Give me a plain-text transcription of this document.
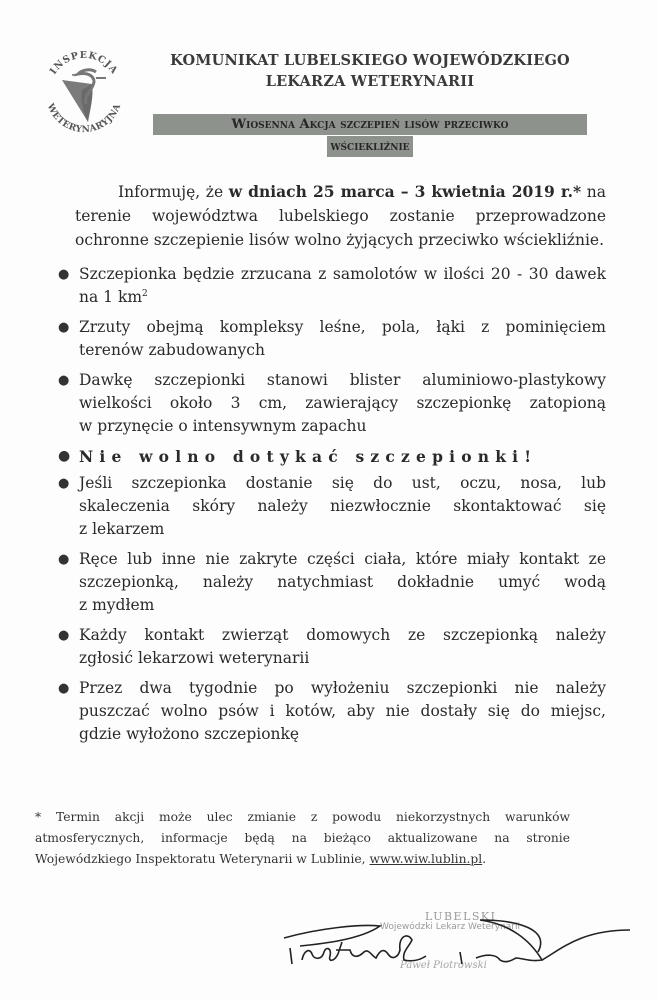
INSPEKCJA
WETERYNARYJNA
KOMUNIKAT LUBELSKIEGO WOJEWÓDZKIEGO
LEKARZA WETERYNARII
Wiosenna Akcja szczepień lisów przeciwko
wściekliźnie
Informuję, że w dniach 25 marca – 3 kwietnia 2019 r.* na
terenie województwa lubelskiego zostanie przeprowadzone
ochronne szczepienie lisów wolno żyjących przeciwko wściekliźnie.
● Szczepionka będzie zrzucana z samolotów w ilości 20 - 30 dawek
na 1 $km^2$
● Zrzuty obejmą kompleksy leśne, pola, łąki z pominięciem
terenów zabudowanych
● Dawkę szczepionki stanowi blister aluminiowo-plastykowy
wielkości około 3 cm, zawierający szczepionkę zatopioną
w przynęcie o intensywnym zapachu
● Nie wolno dotykać szczepionki!
● Jeśli szczepionka dostanie się do ust, oczu, nosa, lub
skaleczenia skóry należy niezwłocznie skontaktować się
z lekarzem
● Ręce lub inne nie zakryte części ciała, które miały kontakt ze
szczepionką, należy natychmiast dokładnie umyć wodą
z mydłem
● Każdy kontakt zwierząt domowych ze szczepionką należy
zgłosić lekarzowi weterynarii
● Przez dwa tygodnie po wyłożeniu szczepionki nie należy
puszczać wolno psów i kotów, aby nie dostały się do miejsc,
gdzie wyłożono szczepionkę
* Termin akcji może ulec zmianie z powodu niekorzystnych warunków
atmosferycznych, informacje będą na bieżąco aktualizowane na stronie
Wojewódzkiego Inspektoratu Weterynarii w Lublinie, www.wiw.lublin.pl.
LUBELSKI
Wojewódzki Lekarz Weterynarii
Paweł Piotrowski
